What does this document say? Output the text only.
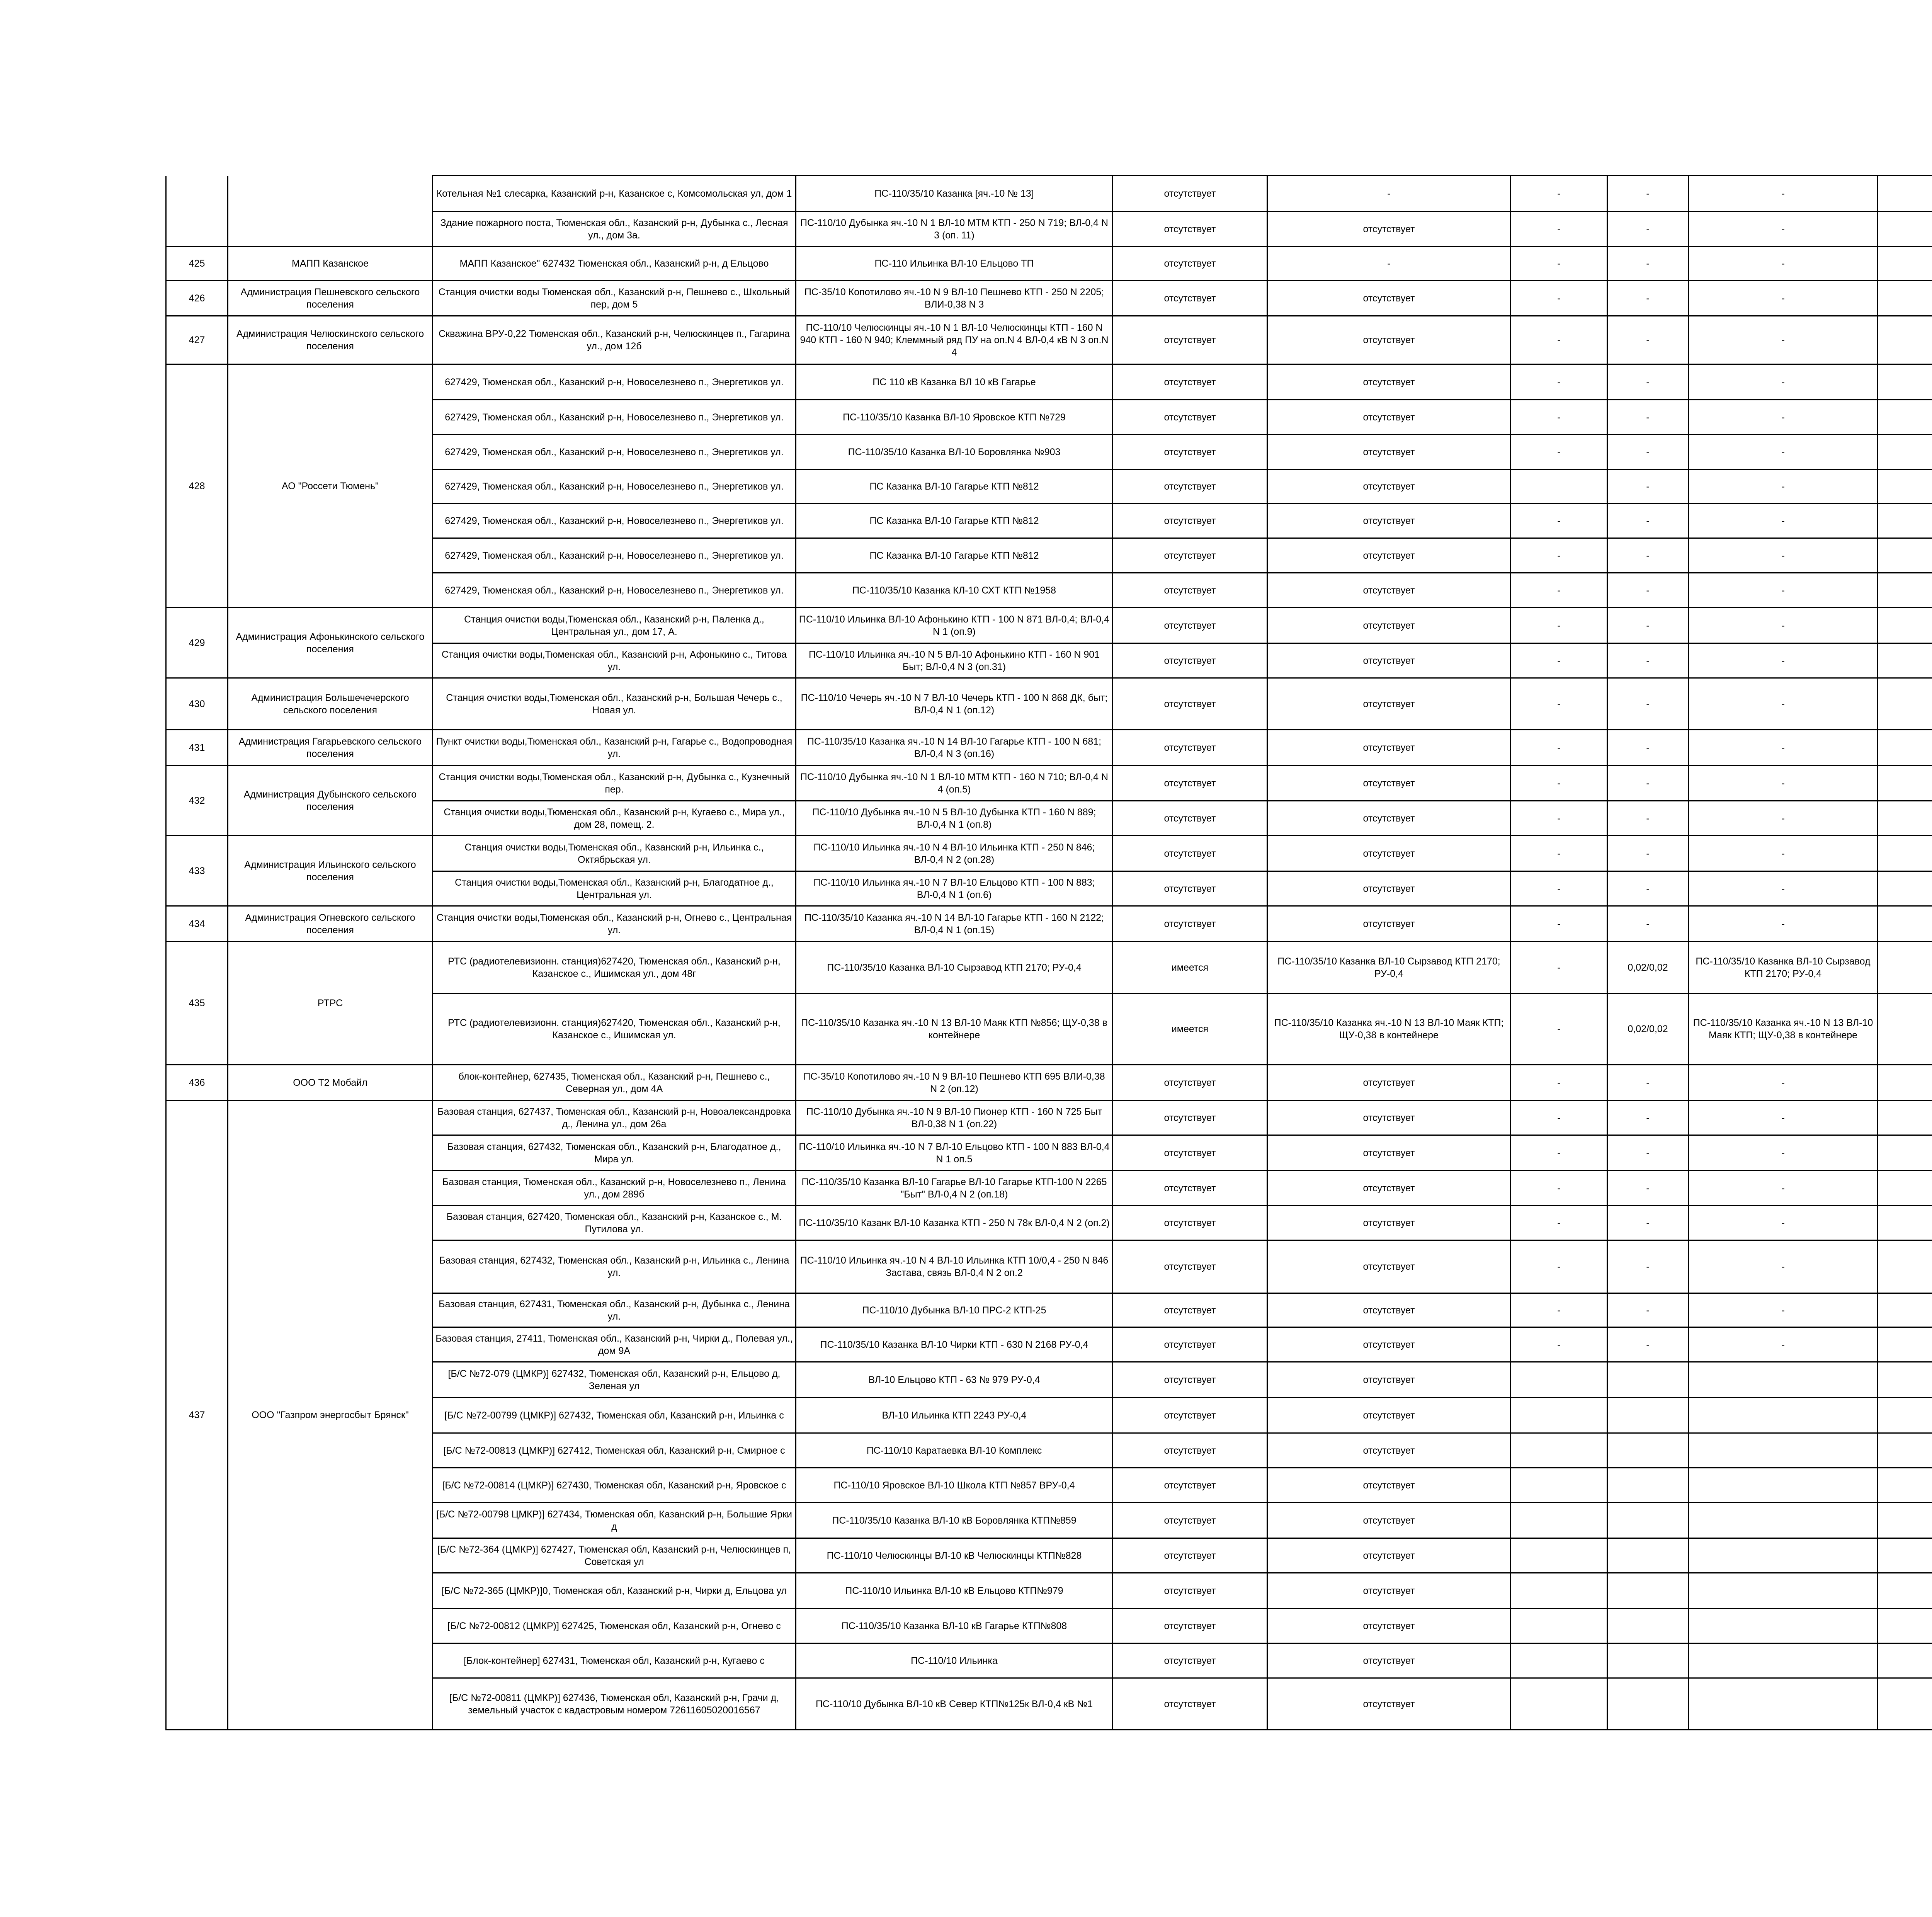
		Котельная №1 слесарка, Казанский р-н, Казанское с, Комсомольская ул, дом 1	ПС-110/35/10 Казанка [яч.-10 № 13]	отсутствует	-	-	-	-		
		Здание пожарного поста, Тюменская обл., Казанский р-н, Дубынка с., Лесная ул., дом 3а.	ПС-110/10 Дубынка яч.-10 N 1 ВЛ-10 МТМ КТП - 250 N 719; ВЛ-0,4 N 3 (оп. 11)	отсутствует	отсутствует	-	-	-		
425	МАПП Казанское	МАПП Казанское" 627432 Тюменская обл., Казанский р-н, д Ельцово	ПС-110 Ильинка ВЛ-10 Ельцово ТП	отсутствует	-	-	-	-		
426	Администрация Пешневского сельского поселения	Станция очистки воды Тюменская обл., Казанский р-н, Пешнево с., Школьный пер, дом 5	ПС-35/10 Копотилово яч.-10 N 9 ВЛ-10 Пешнево КТП - 250 N 2205; ВЛИ-0,38 N 3	отсутствует	отсутствует	-	-	-		
427	Администрация Челюскинского сельского поселения	Скважина ВРУ-0,22 Тюменская обл., Казанский р-н, Челюскинцев п., Гагарина ул., дом 12б	ПС-110/10 Челюскинцы яч.-10 N 1 ВЛ-10 Челюскинцы КТП - 160 N 940 КТП - 160 N 940; Клеммный ряд ПУ на оп.N 4 ВЛ-0,4 кВ N 3 оп.N 4	отсутствует	отсутствует	-	-	-		
428	АО "Россети Тюмень"	627429, Тюменская обл., Казанский р-н, Новоселезнево п., Энергетиков ул.	ПС 110 кВ Казанка ВЛ 10 кВ Гагарье	отсутствует	отсутствует	-	-	-		
		627429, Тюменская обл., Казанский р-н, Новоселезнево п., Энергетиков ул.	ПС-110/35/10 Казанка ВЛ-10 Яровское КТП №729	отсутствует	отсутствует	-	-	-		
		627429, Тюменская обл., Казанский р-н, Новоселезнево п., Энергетиков ул.	ПС-110/35/10 Казанка ВЛ-10 Боровлянка №903	отсутствует	отсутствует	-	-	-		
		627429, Тюменская обл., Казанский р-н, Новоселезнево п., Энергетиков ул.	ПС Казанка ВЛ-10 Гагарье КТП №812	отсутствует	отсутствует		-	-		
		627429, Тюменская обл., Казанский р-н, Новоселезнево п., Энергетиков ул.	ПС Казанка ВЛ-10 Гагарье КТП №812	отсутствует	отсутствует	-	-	-		
		627429, Тюменская обл., Казанский р-н, Новоселезнево п., Энергетиков ул.	ПС Казанка ВЛ-10 Гагарье КТП №812	отсутствует	отсутствует	-	-	-		
		627429, Тюменская обл., Казанский р-н, Новоселезнево п., Энергетиков ул.	ПС-110/35/10 Казанка КЛ-10 СХТ КТП №1958	отсутствует	отсутствует	-	-	-		
429	Администрация Афонькинского сельского поселения	Станция очистки воды,Тюменская обл., Казанский р-н, Паленка д., Центральная ул., дом 17, А.	ПС-110/10 Ильинка ВЛ-10 Афонькино КТП - 100 N 871 ВЛ-0,4; ВЛ-0,4 N 1 (оп.9)	отсутствует	отсутствует	-	-	-		
		Станция очистки воды,Тюменская обл., Казанский р-н, Афонькино с., Титова ул.	ПС-110/10 Ильинка яч.-10 N 5 ВЛ-10 Афонькино КТП - 160 N 901 Быт; ВЛ-0,4 N 3 (оп.31)	отсутствует	отсутствует	-	-	-		
430	Администрация Большечечерского сельского поселения	Станция очистки воды,Тюменская обл., Казанский р-н, Большая Чечерь с., Новая ул.	ПС-110/10 Чечерь яч.-10 N 7 ВЛ-10 Чечерь КТП - 100 N 868 ДК, быт; ВЛ-0,4 N 1 (оп.12)	отсутствует	отсутствует	-	-	-		
431	Администрация Гагарьевского сельского поселения	Пункт очистки воды,Тюменская обл., Казанский р-н, Гагарье с., Водопроводная ул.	ПС-110/35/10 Казанка яч.-10 N 14 ВЛ-10 Гагарье КТП - 100 N 681; ВЛ-0,4 N 3 (оп.16)	отсутствует	отсутствует	-	-	-		
432	Администрация Дубынского сельского поселения	Станция очистки воды,Тюменская обл., Казанский р-н, Дубынка с., Кузнечный пер.	ПС-110/10 Дубынка яч.-10 N 1 ВЛ-10 МТМ КТП - 160 N 710; ВЛ-0,4 N 4 (оп.5)	отсутствует	отсутствует	-	-	-		
		Станция очистки воды,Тюменская обл., Казанский р-н, Кугаево с., Мира ул., дом 28, помещ. 2.	ПС-110/10 Дубынка яч.-10 N 5 ВЛ-10 Дубынка КТП - 160 N 889; ВЛ-0,4 N 1 (оп.8)	отсутствует	отсутствует	-	-	-		
433	Администрация Ильинского сельского поселения	Станция очистки воды,Тюменская обл., Казанский р-н, Ильинка с., Октябрьская ул.	ПС-110/10 Ильинка яч.-10 N 4 ВЛ-10 Ильинка КТП - 250 N 846; ВЛ-0,4 N 2 (оп.28)	отсутствует	отсутствует	-	-	-		
		Станция очистки воды,Тюменская обл., Казанский р-н, Благодатное д., Центральная ул.	ПС-110/10 Ильинка яч.-10 N 7 ВЛ-10 Ельцово КТП - 100 N 883; ВЛ-0,4 N 1 (оп.6)	отсутствует	отсутствует	-	-	-		
434	Администрация Огневского сельского поселения	Станция очистки воды,Тюменская обл., Казанский р-н, Огнево с., Центральная ул.	ПС-110/35/10 Казанка яч.-10 N 14 ВЛ-10 Гагарье КТП - 160 N 2122; ВЛ-0,4 N 1 (оп.15)	отсутствует	отсутствует	-	-	-		
435	РТРС	РТС (радиотелевизионн. станция)627420, Тюменская обл., Казанский р-н, Казанское с., Ишимская ул., дом 48г	ПС-110/35/10 Казанка ВЛ-10 Сырзавод КТП 2170; РУ-0,4	имеется	ПС-110/35/10 Казанка ВЛ-10 Сырзавод КТП 2170; РУ-0,4	-	0,02/0,02	ПС-110/35/10 Казанка ВЛ-10 Сырзавод КТП 2170; РУ-0,4		
		РТС (радиотелевизионн. станция)627420, Тюменская обл., Казанский р-н, Казанское с., Ишимская ул.	ПС-110/35/10 Казанка яч.-10 N 13 ВЛ-10 Маяк КТП №856; ЩУ-0,38 в контейнере	имеется	ПС-110/35/10 Казанка яч.-10 N 13 ВЛ-10 Маяк КТП; ЩУ-0,38 в контейнере	-	0,02/0,02	ПС-110/35/10 Казанка яч.-10 N 13 ВЛ-10 Маяк КТП; ЩУ-0,38 в контейнере		
436	ООО Т2 Мобайл	блок-контейнер, 627435, Тюменская обл., Казанский р-н, Пешнево с., Северная ул., дом 4А	ПС-35/10 Копотилово яч.-10 N 9 ВЛ-10 Пешнево КТП 695 ВЛИ-0,38 N 2 (оп.12)	отсутствует	отсутствует	-	-	-		
437	ООО "Газпром энергосбыт Брянск"	Базовая станция, 627437, Тюменская обл., Казанский р-н, Новоалександровка д., Ленина ул., дом 26а	ПС-110/10 Дубынка яч.-10 N 9 ВЛ-10 Пионер КТП - 160 N 725 Быт ВЛ-0,38 N 1 (оп.22)	отсутствует	отсутствует	-	-	-		
		Базовая станция, 627432, Тюменская обл., Казанский р-н, Благодатное д., Мира ул.	ПС-110/10 Ильинка яч.-10 N 7 ВЛ-10 Ельцово КТП - 100 N 883 ВЛ-0,4 N 1 оп.5	отсутствует	отсутствует	-	-	-		
		Базовая станция, Тюменская обл., Казанский р-н, Новоселезнево п., Ленина ул., дом 289б	ПС-110/35/10 Казанка ВЛ-10 Гагарье ВЛ-10 Гагарье КТП-100 N 2265 "Быт" ВЛ-0,4 N 2 (оп.18)	отсутствует	отсутствует	-	-	-		
		Базовая станция, 627420, Тюменская обл., Казанский р-н, Казанское с., М. Путилова ул.	ПС-110/35/10 Казанк ВЛ-10 Казанка КТП - 250 N 78к ВЛ-0,4 N 2 (оп.2)	отсутствует	отсутствует	-	-	-		
		Базовая станция, 627432, Тюменская обл., Казанский р-н, Ильинка с., Ленина ул.	ПС-110/10 Ильинка яч.-10 N 4 ВЛ-10 Ильинка КТП 10/0,4 - 250 N 846 Застава, связь ВЛ-0,4 N 2 оп.2	отсутствует	отсутствует	-	-	-		
		Базовая станция, 627431, Тюменская обл., Казанский р-н, Дубынка с., Ленина ул.	ПС-110/10 Дубынка ВЛ-10 ПРС-2 КТП-25	отсутствует	отсутствует	-	-	-		
		Базовая станция, 27411, Тюменская обл., Казанский р-н, Чирки д., Полевая ул., дом 9А	ПС-110/35/10 Казанка ВЛ-10 Чирки КТП - 630 N 2168 РУ-0,4	отсутствует	отсутствует	-	-	-		
		[Б/С №72-079 (ЦМКР)] 627432, Тюменская обл, Казанский р-н, Ельцово д, Зеленая ул	ВЛ-10 Ельцово КТП - 63 № 979 РУ-0,4	отсутствует	отсутствует					
		[Б/С №72-00799 (ЦМКР)] 627432, Тюменская обл, Казанский р-н, Ильинка с	ВЛ-10 Ильинка КТП 2243 РУ-0,4	отсутствует	отсутствует					
		[Б/С №72-00813 (ЦМКР)] 627412, Тюменская обл, Казанский р-н, Смирное с	ПС-110/10 Каратаевка ВЛ-10 Комплекс	отсутствует	отсутствует					
		[Б/С №72-00814 (ЦМКР)] 627430, Тюменская обл, Казанский р-н, Яровское с	ПС-110/10 Яровское ВЛ-10 Школа КТП №857 ВРУ-0,4	отсутствует	отсутствует					
		[Б/С №72-00798 ЦМКР)] 627434, Тюменская обл, Казанский р-н, Большие Ярки д	ПС-110/35/10 Казанка ВЛ-10 кВ Боровлянка КТП№859	отсутствует	отсутствует					
		[Б/С №72-364 (ЦМКР)] 627427, Тюменская обл, Казанский р-н, Челюскинцев п, Советская ул	ПС-110/10 Челюскинцы ВЛ-10 кВ Челюскинцы КТП№828	отсутствует	отсутствует					
		[Б/С №72-365 (ЦМКР)]0, Тюменская обл, Казанский р-н, Чирки д, Ельцова ул	ПС-110/10 Ильинка ВЛ-10 кВ Ельцово КТП№979	отсутствует	отсутствует					
		[Б/С №72-00812 (ЦМКР)] 627425, Тюменская обл, Казанский р-н, Огнево с	ПС-110/35/10 Казанка ВЛ-10 кВ Гагарье КТП№808	отсутствует	отсутствует					
		[Блок-контейнер] 627431, Тюменская обл, Казанский р-н, Кугаево с	ПС-110/10 Ильинка	отсутствует	отсутствует					
		[Б/С №72-00811 (ЦМКР)] 627436, Тюменская обл, Казанский р-н, Грачи д, земельный участок с кадастровым номером 72611605020016567	ПС-110/10 Дубынка ВЛ-10 кВ Север КТП№125к ВЛ-0,4 кВ №1	отсутствует	отсутствует					
